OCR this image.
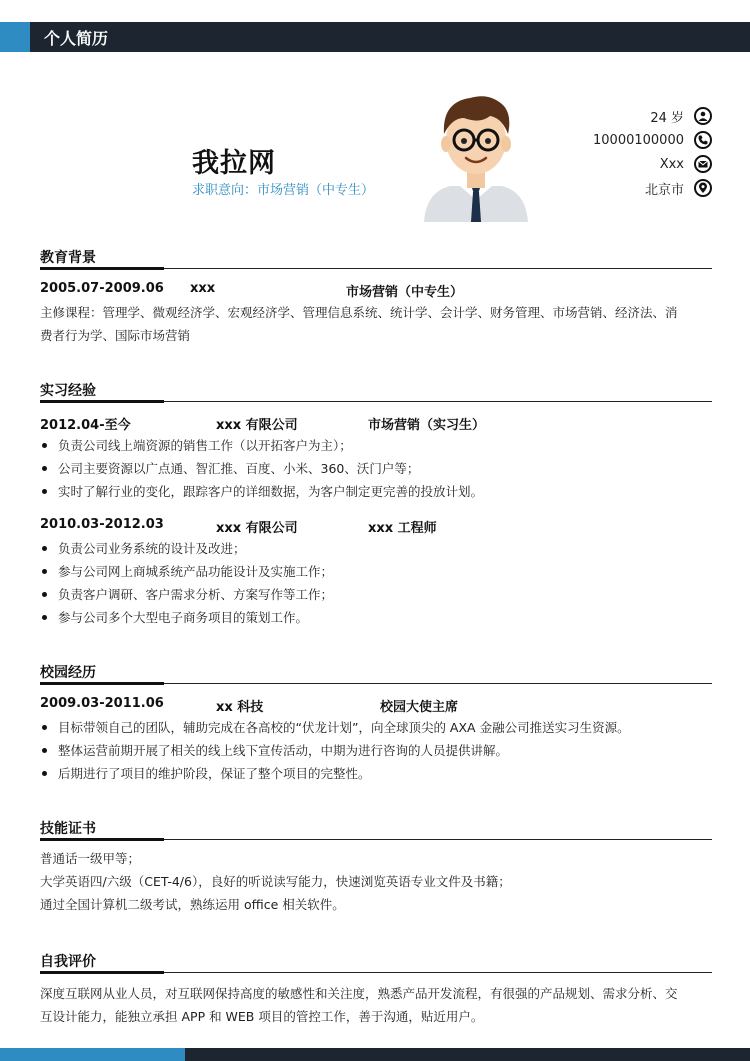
个人简历
我拉网
求职意向：市场营销（中专生）
24 岁
10000100000
Xxx
北京市
教育背景
2005.07-2009.06 xxx	市场营销（中专生）
主修课程：管理学、微观经济学、宏观经济学、管理信息系统、统计学、会计学、财务管理、市场营销、经济法、消
费者行为学、国际市场营销
实习经验
2012.04-至今	xxx 有限公司	市场营销（实习生）
负责公司线上端资源的销售工作（以开拓客户为主）；
公司主要资源以广点通、智汇推、百度、小米、360、沃门户等；
实时了解行业的变化，跟踪客户的详细数据，为客户制定更完善的投放计划。
2010.03-2012.03	xxx 有限公司	xxx 工程师
负责公司业务系统的设计及改进；
参与公司网上商城系统产品功能设计及实施工作；
负责客户调研、客户需求分析、方案写作等工作；
参与公司多个大型电子商务项目的策划工作。
校园经历
2009.03-2011.06	xx 科技	校园大使主席
目标带领自己的团队，辅助完成在各高校的“伏龙计划”，向全球顶尖的 AXA 金融公司推送实习生资源。
整体运营前期开展了相关的线上线下宣传活动，中期为进行咨询的人员提供讲解。
后期进行了项目的维护阶段，保证了整个项目的完整性。
技能证书
普通话一级甲等；
大学英语四/六级（CET-4/6），良好的听说读写能力，快速浏览英语专业文件及书籍；
通过全国计算机二级考试，熟练运用 office 相关软件。
自我评价
深度互联网从业人员，对互联网保持高度的敏感性和关注度，熟悉产品开发流程，有很强的产品规划、需求分析、交
互设计能力，能独立承担 APP 和 WEB 项目的管控工作，善于沟通，贴近用户。
